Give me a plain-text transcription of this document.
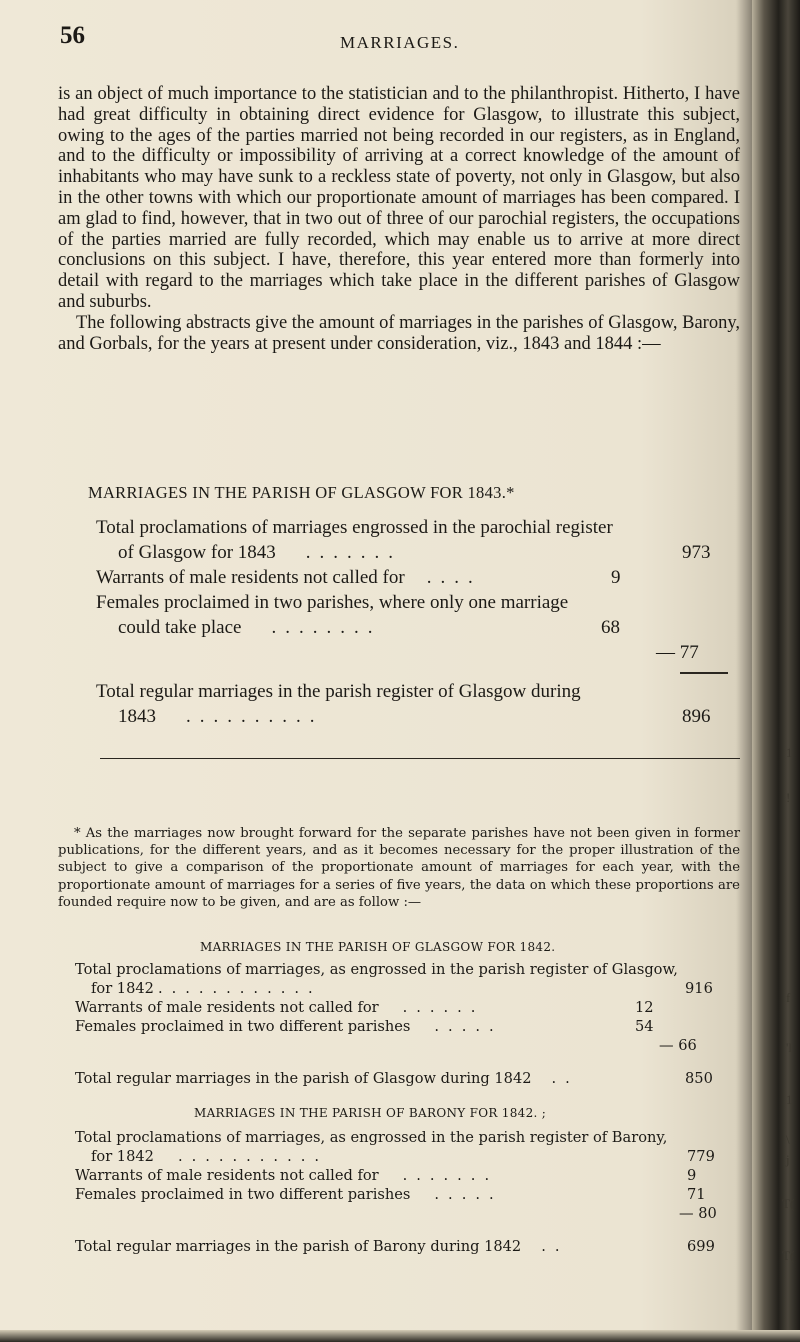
56	MARRIAGES.

is an object of much importance to the statistician and to the philanthropist. Hitherto, I have had great difficulty in obtaining direct evidence for Glasgow, to illustrate this subject, owing to the ages of the parties married not being recorded in our registers, as in England, and to the difficulty or impossibility of arriving at a correct knowledge of the amount of inhabitants who may have sunk to a reckless state of poverty, not only in Glasgow, but also in the other towns with which our proportionate amount of marriages has been compared. I am glad to find, however, that in two out of three of our parochial registers, the occupations of the parties married are fully recorded, which may enable us to arrive at more direct conclusions on this subject. I have, therefore, this year entered more than formerly into detail with regard to the marriages which take place in the different parishes of Glasgow and suburbs.

The following abstracts give the amount of marriages in the parishes of Glasgow, Barony, and Gorbals, for the years at present under consideration, viz., 1843 and 1844 :—

MARRIAGES IN THE PARISH OF GLASGOW FOR 1843.*
Total proclamations of marriages engrossed in the parochial register
of Glasgow for 1843 .......	973
Warrants of male residents not called for ....	9
Females proclaimed in two parishes, where only one marriage
could take place ........	68
— 77
Total regular marriages in the parish register of Glasgow during
1843 ..........	896

* As the marriages now brought forward for the separate parishes have not been given in former publications, for the different years, and as it becomes necessary for the proper illustration of the subject to give a comparison of the proportionate amount of marriages for each year, with the proportionate amount of marriages for a series of five years, the data on which these proportions are founded require now to be given, and are as follow :—

MARRIAGES IN THE PARISH OF GLASGOW FOR 1842.
Total proclamations of marriages, as engrossed in the parish register of Glasgow,
for 1842 ............	916
Warrants of male residents not called for ......	12
Females proclaimed in two different parishes .....	54
— 66
Total regular marriages in the parish of Glasgow during 1842 ..	850
MARRIAGES IN THE PARISH OF BARONY FOR 1842. ;
Total proclamations of marriages, as engrossed in the parish register of Barony,
for 1842 ...........	779
Warrants of male residents not called for .......	9
Females proclaimed in two different parishes .....	71
— 80
Total regular marriages in the parish of Barony during 1842 ..	699
1
!
f
'l
1
\
j
T(
T(
